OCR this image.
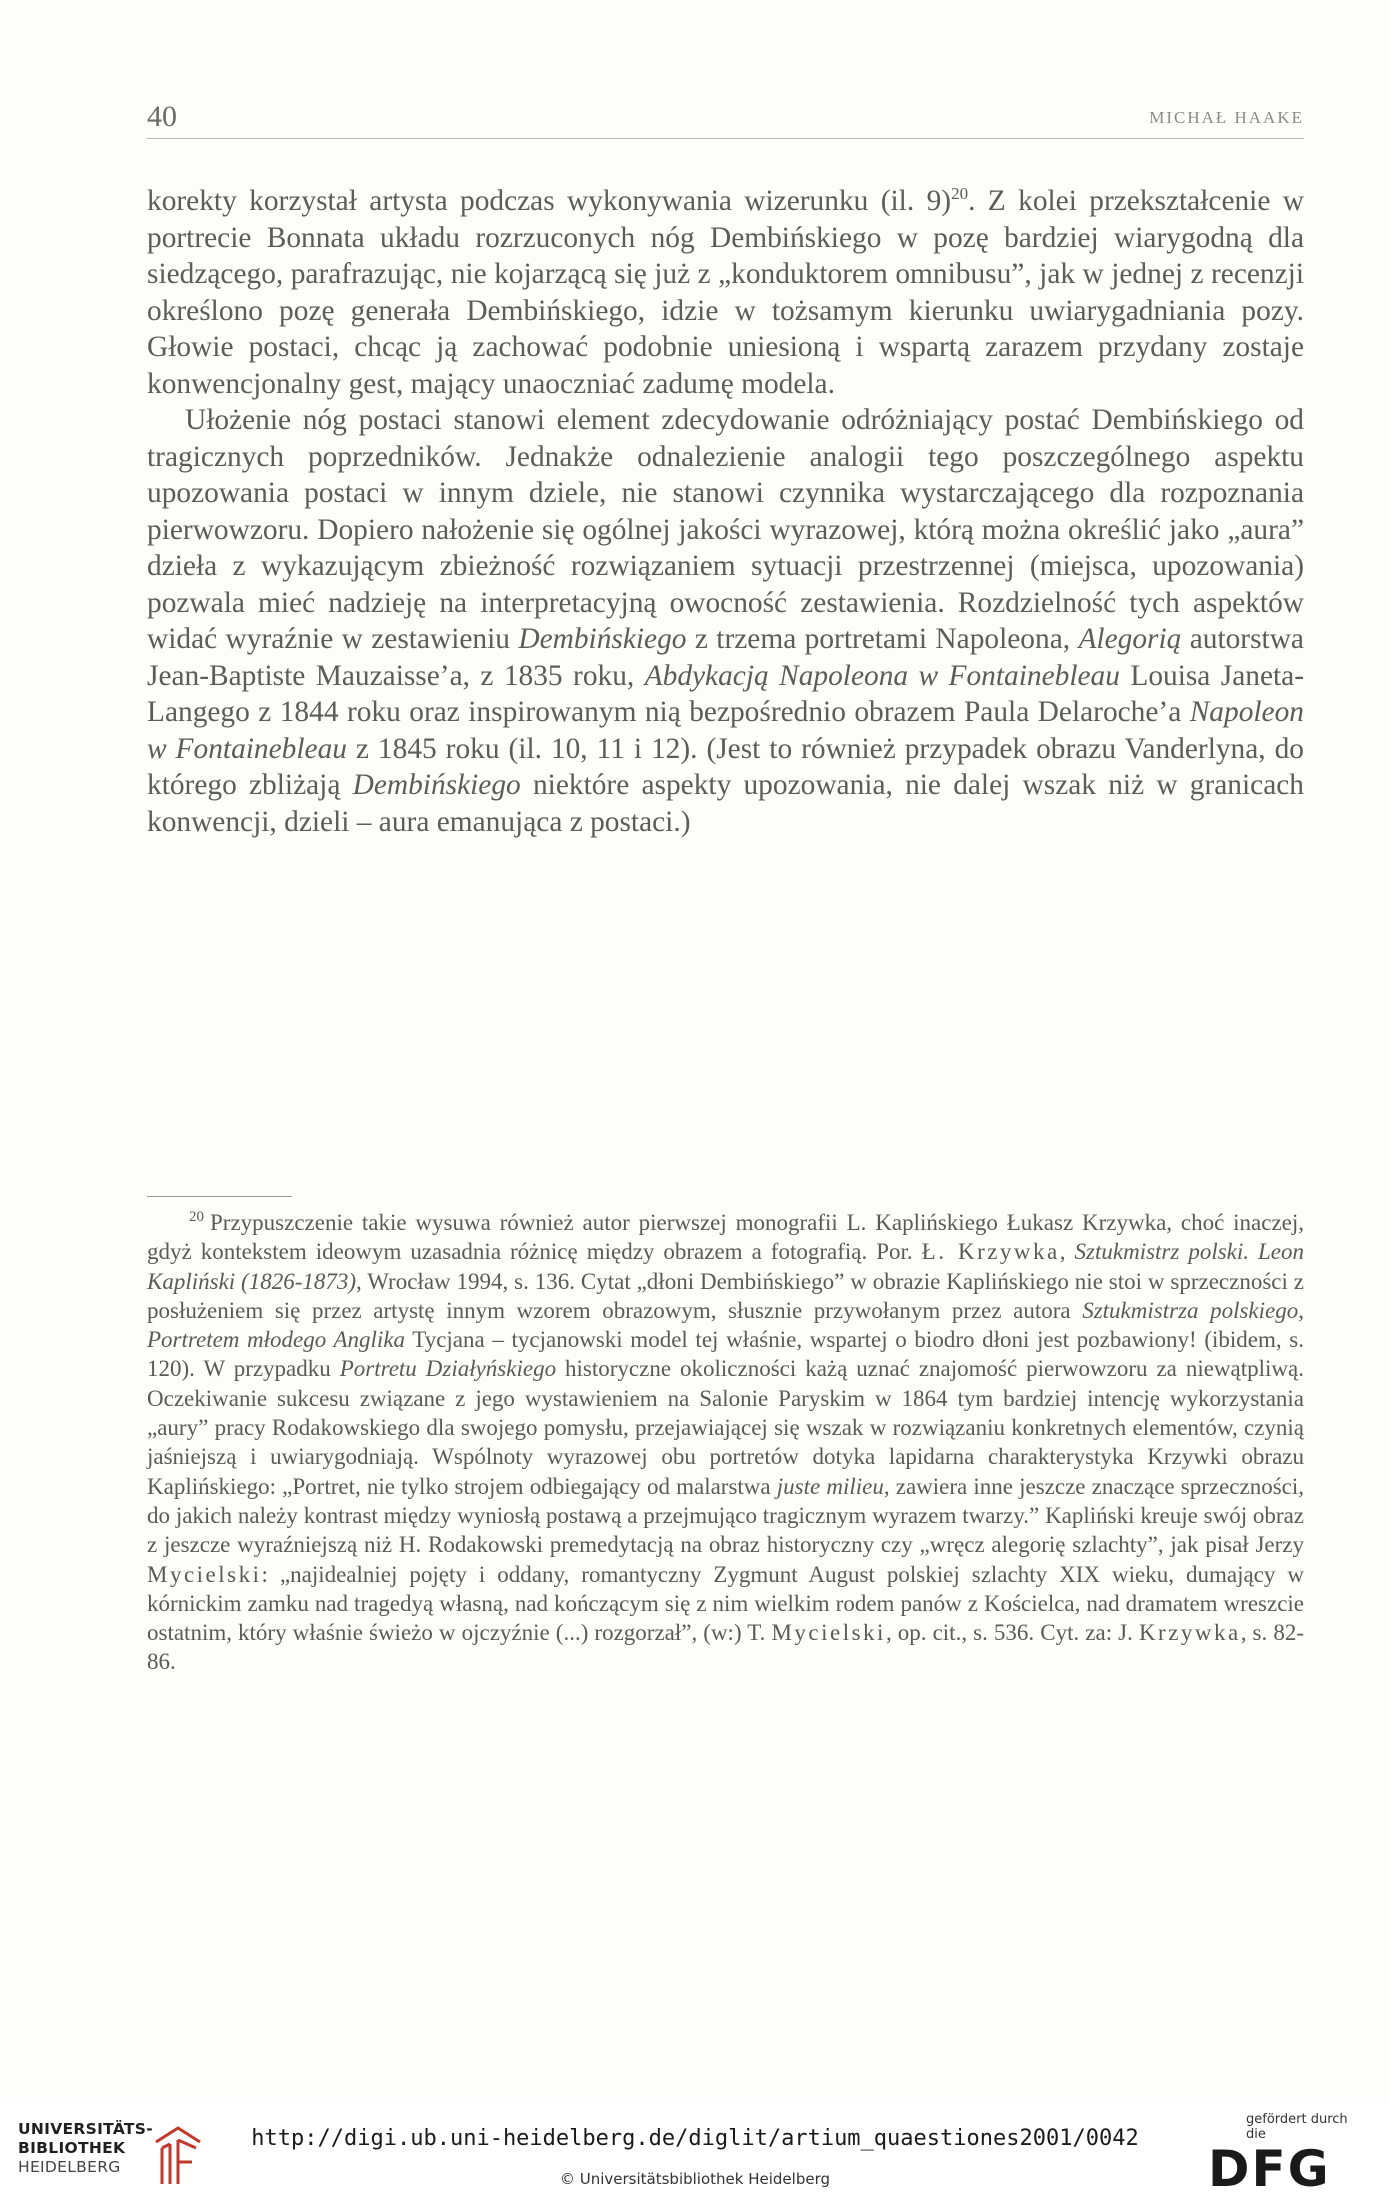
40	MICHAŁ HAAKE

korekty korzystał artysta podczas wykonywania wizerunku (il. 9)$^{20}$. Z kolei przekształcenie w portrecie Bonnata układu rozrzuconych nóg Dembińskiego w pozę bardziej wiarygodną dla siedzącego, parafrazując, nie kojarzącą się już z „konduktorem omnibusu”, jak w jednej z recenzji określono pozę generała Dembińskiego, idzie w tożsamym kierunku uwiarygadniania pozy. Głowie postaci, chcąc ją zachować podobnie uniesioną i wspartą zarazem przydany zostaje konwencjonalny gest, mający unaoczniać zadumę modela.

Ułożenie nóg postaci stanowi element zdecydowanie odróżniający postać Dembińskiego od tragicznych poprzedników. Jednakże odnalezienie analogii tego poszczególnego aspektu upozowania postaci w innym dziele, nie stanowi czynnika wystarczającego dla rozpoznania pierwowzoru. Dopiero nałożenie się ogólnej jakości wyrazowej, którą można określić jako „aura” dzieła z wykazującym zbieżność rozwiązaniem sytuacji przestrzennej (miejsca, upozowania) pozwala mieć nadzieję na interpretacyjną owocność zestawienia. Rozdzielność tych aspektów widać wyraźnie w zestawieniu Dembińskiego z trzema portretami Napoleona, Alegorią autorstwa Jean-Baptiste Mauzaisse’a, z 1835 roku, Abdykacją Napoleona w Fontainebleau Louisa Janeta-Langego z 1844 roku oraz inspirowanym nią bezpośrednio obrazem Paula Delaroche’a Napoleon w Fontainebleau z 1845 roku (il. 10, 11 i 12). (Jest to również przypadek obrazu Vanderlyna, do którego zbliżają Dembińskiego niektóre aspekty upozowania, nie dalej wszak niż w granicach konwencji, dzieli – aura emanująca z postaci.)

$^{20}$ Przypuszczenie takie wysuwa również autor pierwszej monografii L. Kaplińskiego Łukasz Krzywka, choć inaczej, gdyż kontekstem ideowym uzasadnia różnicę między obrazem a fotografią. Por. Ł. Krzywka, Sztukmistrz polski. Leon Kapliński (1826-1873), Wrocław 1994, s. 136. Cytat „dłoni Dembińskiego” w obrazie Kaplińskiego nie stoi w sprzeczności z posłużeniem się przez artystę innym wzorem obrazowym, słusznie przywołanym przez autora Sztukmistrza polskiego, Portretem młodego Anglika Tycjana – tycjanowski model tej właśnie, wspartej o biodro dłoni jest pozbawiony! (ibidem, s. 120). W przypadku Portretu Działyńskiego historyczne okoliczności każą uznać znajomość pierwowzoru za niewątpliwą. Oczekiwanie sukcesu związane z jego wystawieniem na Salonie Paryskim w 1864 tym bardziej intencję wykorzystania „aury” pracy Rodakowskiego dla swojego pomysłu, przejawiającej się wszak w rozwiązaniu konkretnych elementów, czynią jaśniejszą i uwiarygodniają. Wspólnoty wyrazowej obu portretów dotyka lapidarna charakterystyka Krzywki obrazu Kaplińskiego: „Portret, nie tylko strojem odbiegający od malarstwa juste milieu, zawiera inne jeszcze znaczące sprzeczności, do jakich należy kontrast między wyniosłą postawą a przejmująco tragicznym wyrazem twarzy.” Kapliński kreuje swój obraz z jeszcze wyraźniejszą niż H. Rodakowski premedytacją na obraz historyczny czy „wręcz alegorię szlachty”, jak pisał Jerzy Mycielski: „najidealniej pojęty i oddany, romantyczny Zygmunt August polskiej szlachty XIX wieku, dumający w kórnickim zamku nad tragedyą własną, nad kończącym się z nim wielkim rodem panów z Kościelca, nad dramatem wreszcie ostatnim, który właśnie świeżo w ojczyźnie (...) rozgorzał”, (w:) T. Mycielski, op. cit., s. 536. Cyt. za: J. Krzywka, s. 82-86.

UNIVERSITÄTS-
BIBLIOTHEK
HEIDELBERG
http://digi.ub.uni-heidelberg.de/diglit/artium_quaestiones2001/0042
© Universitätsbibliothek Heidelberg
gefördert durch die
DFG
